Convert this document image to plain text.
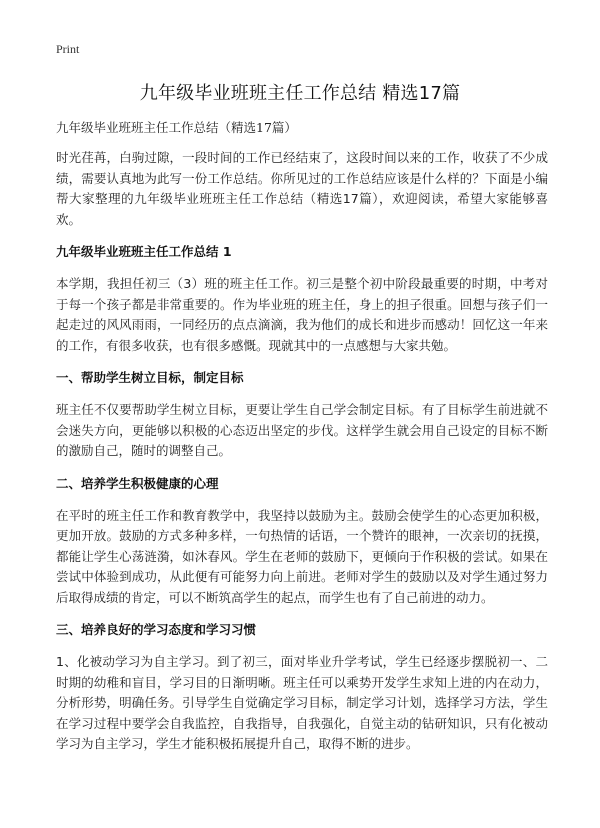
Print
九年级毕业班班主任工作总结 精选17篇

九年级毕业班班主任工作总结（精选17篇）

时光荏苒，白驹过隙，一段时间的工作已经结束了，这段时间以来的工作，收获了不少成绩，需要认真地为此写一份工作总结。你所见过的工作总结应该是什么样的？下面是小编帮大家整理的九年级毕业班班主任工作总结（精选17篇），欢迎阅读，希望大家能够喜欢。

九年级毕业班班主任工作总结 1

本学期，我担任初三（3）班的班主任工作。初三是整个初中阶段最重要的时期，中考对于每一个孩子都是非常重要的。作为毕业班的班主任，身上的担子很重。回想与孩子们一起走过的风风雨雨，一同经历的点点滴滴，我为他们的成长和进步而感动！回忆这一年来的工作，有很多收获，也有很多感慨。现就其中的一点感想与大家共勉。

一、帮助学生树立目标，制定目标

班主任不仅要帮助学生树立目标，更要让学生自己学会制定目标。有了目标学生前进就不会迷失方向，更能够以积极的心态迈出坚定的步伐。这样学生就会用自己设定的目标不断的激励自己，随时的调整自己。

二、培养学生积极健康的心理

在平时的班主任工作和教育教学中，我坚持以鼓励为主。鼓励会使学生的心态更加积极，更加开放。鼓励的方式多种多样，一句热情的话语，一个赞许的眼神，一次亲切的抚摸，都能让学生心荡涟漪，如沐春风。学生在老师的鼓励下，更倾向于作积极的尝试。如果在尝试中体验到成功，从此便有可能努力向上前进。老师对学生的鼓励以及对学生通过努力后取得成绩的肯定，可以不断筑高学生的起点，而学生也有了自己前进的动力。

三、培养良好的学习态度和学习习惯

1、化被动学习为自主学习。到了初三，面对毕业升学考试，学生已经逐步摆脱初一、二时期的幼稚和盲目，学习目的日渐明晰。班主任可以乘势开发学生求知上进的内在动力，分析形势，明确任务。引导学生自觉确定学习目标，制定学习计划，选择学习方法，学生在学习过程中要学会自我监控，自我指导，自我强化，自觉主动的钻研知识，只有化被动学习为自主学习，学生才能积极拓展提升自己，取得不断的进步。
